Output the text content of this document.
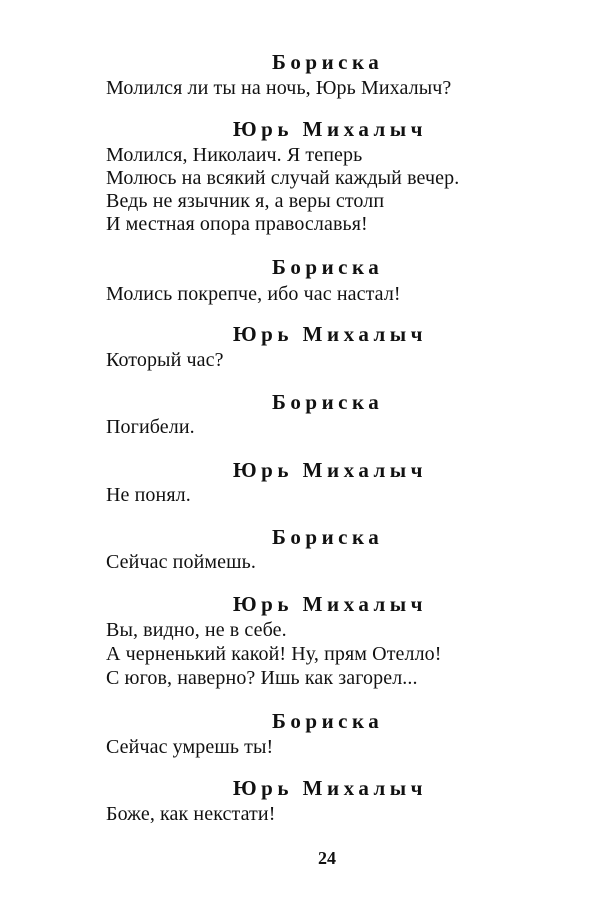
Бориска
Молился ли ты на ночь, Юрь Михалыч?
Юрь Михалыч
Молился, Николаич. Я теперь
Молюсь на всякий случай каждый вечер.
Ведь не язычник я, а веры столп
И местная опора православья!
Бориска
Молись покрепче, ибо час настал!
Юрь Михалыч
Который час?
Бориска
Погибели.
Юрь Михалыч
Не понял.
Бориска
Сейчас поймешь.
Юрь Михалыч
Вы, видно, не в себе.
А черненький какой! Ну, прям Отелло!
С югов, наверно? Ишь как загорел...
Бориска
Сейчас умрешь ты!
Юрь Михалыч
Боже, как некстати!
24
